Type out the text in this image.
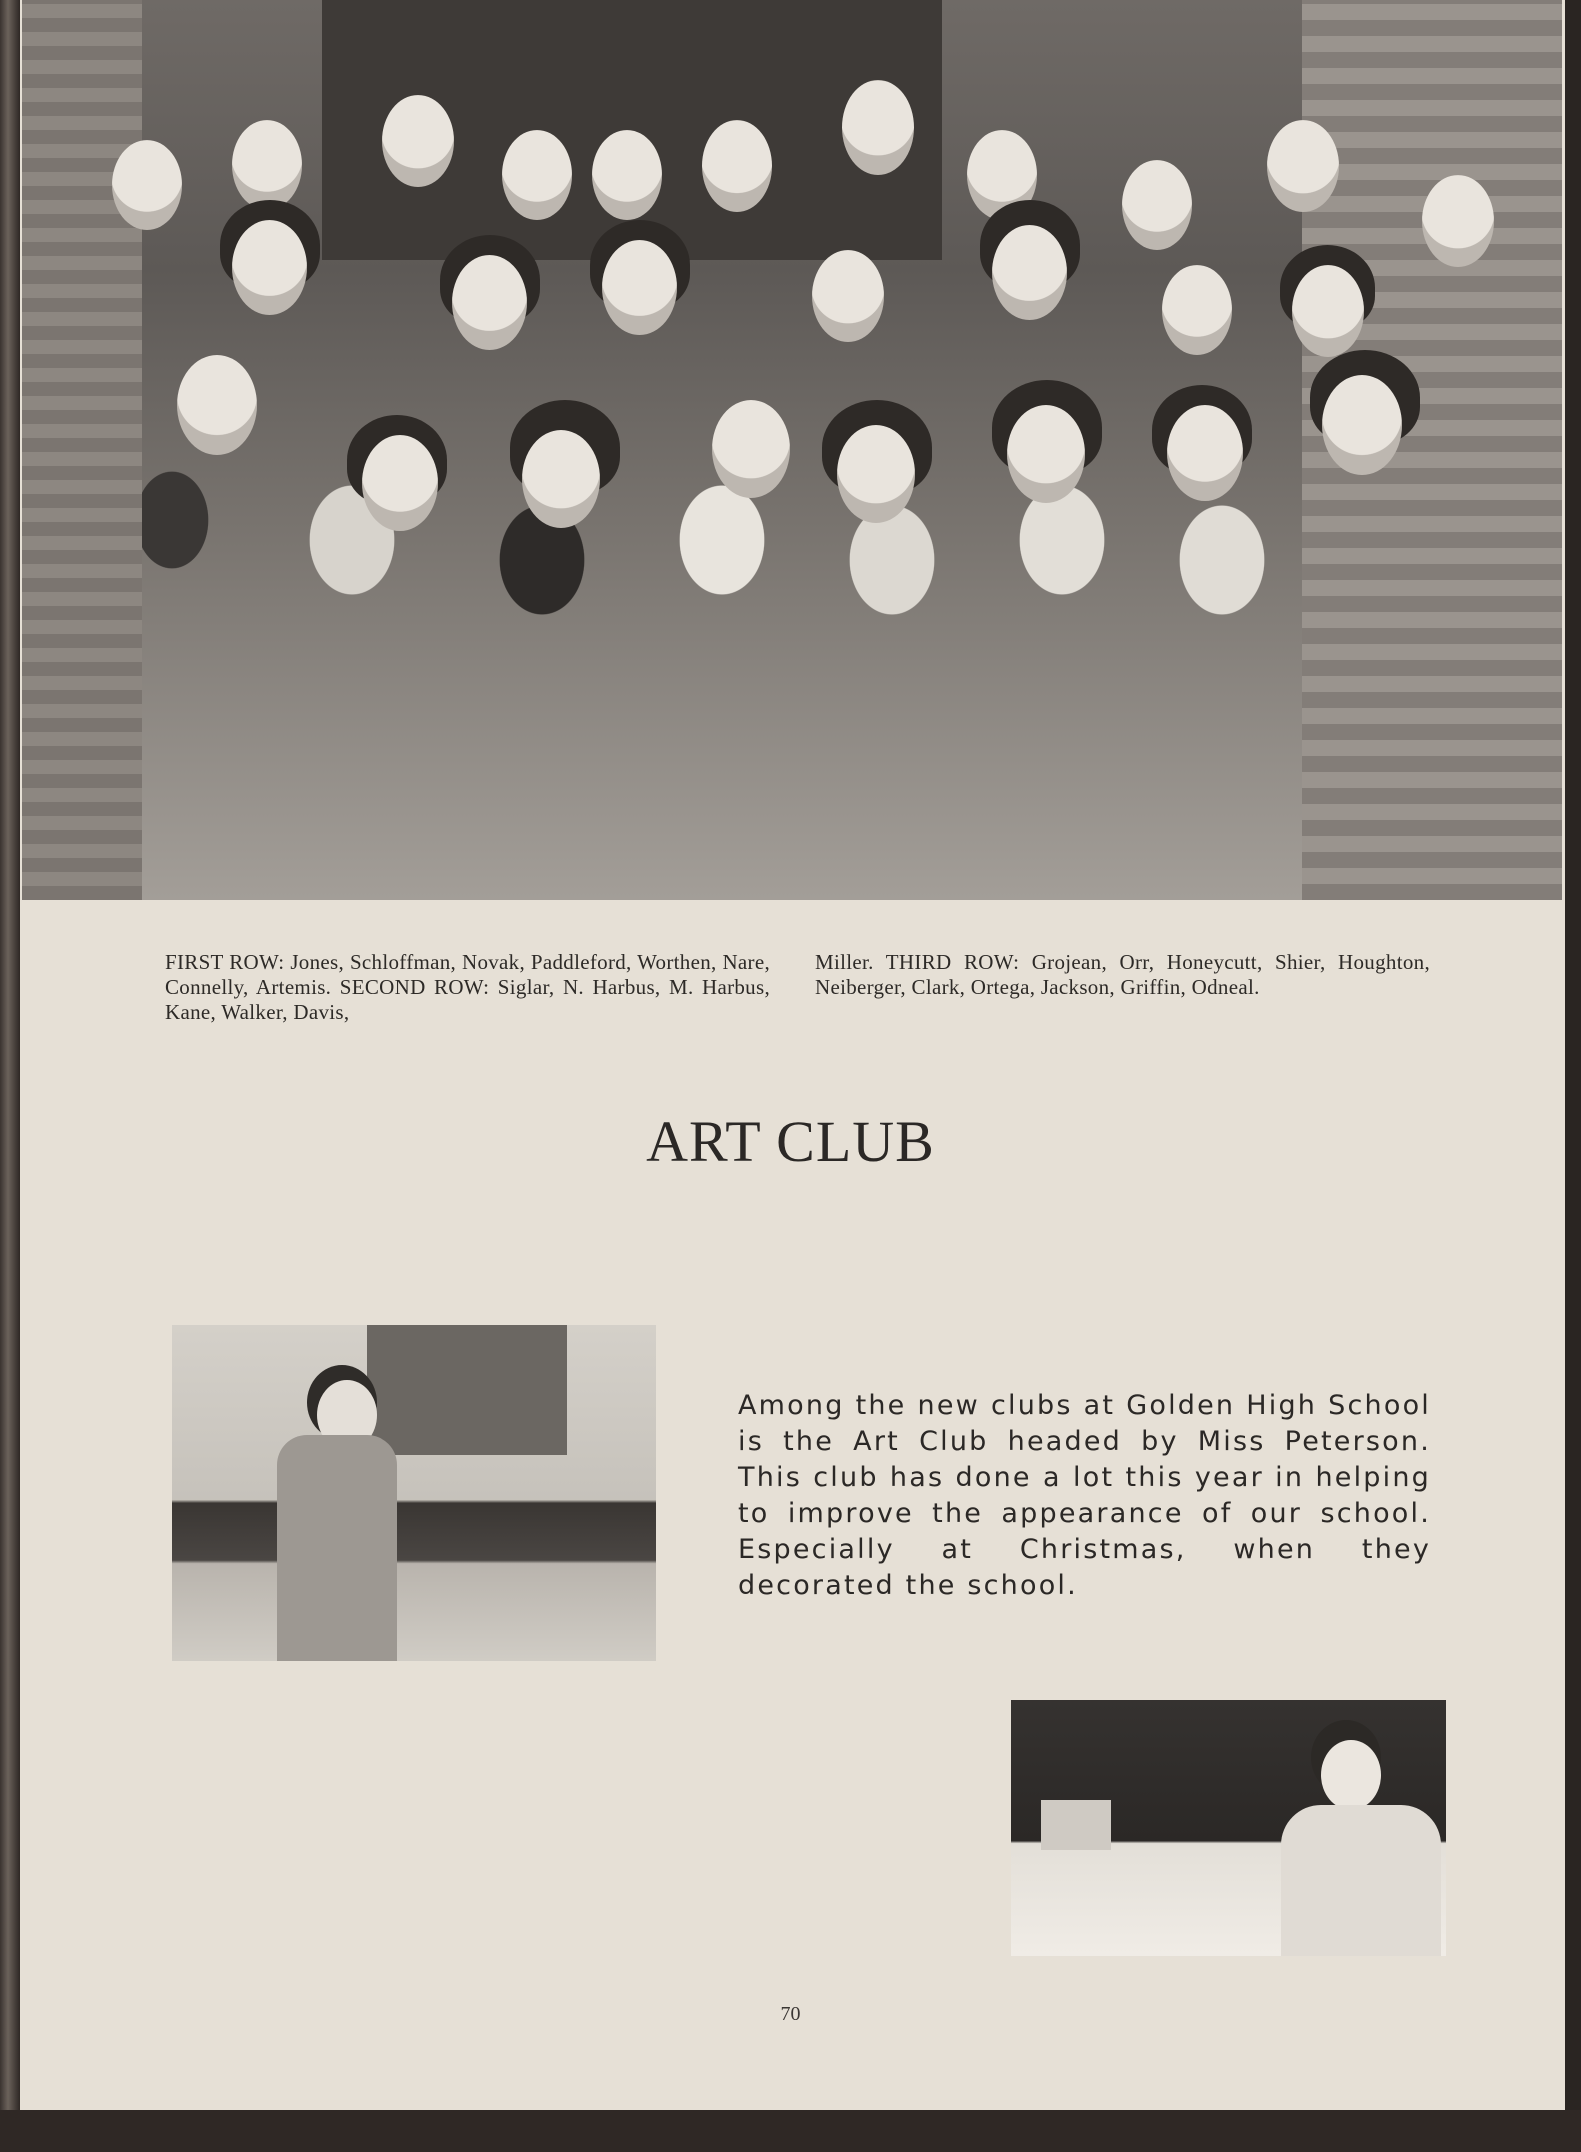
FIRST ROW: Jones, Schloffman, Novak, Paddleford, Worthen, Nare, Connelly, Artemis. SECOND ROW: Siglar, N. Harbus, M. Harbus, Kane, Walker, Davis,
Miller. THIRD ROW: Grojean, Orr, Honeycutt, Shier, Houghton, Neiberger, Clark, Ortega, Jackson, Griffin, Odneal.
ART CLUB
Among the new clubs at Golden High School is the Art Club headed by Miss Peterson. This club has done a lot this year in helping to improve the appearance of our school. Especially at Christmas, when they decorated the school.
70
